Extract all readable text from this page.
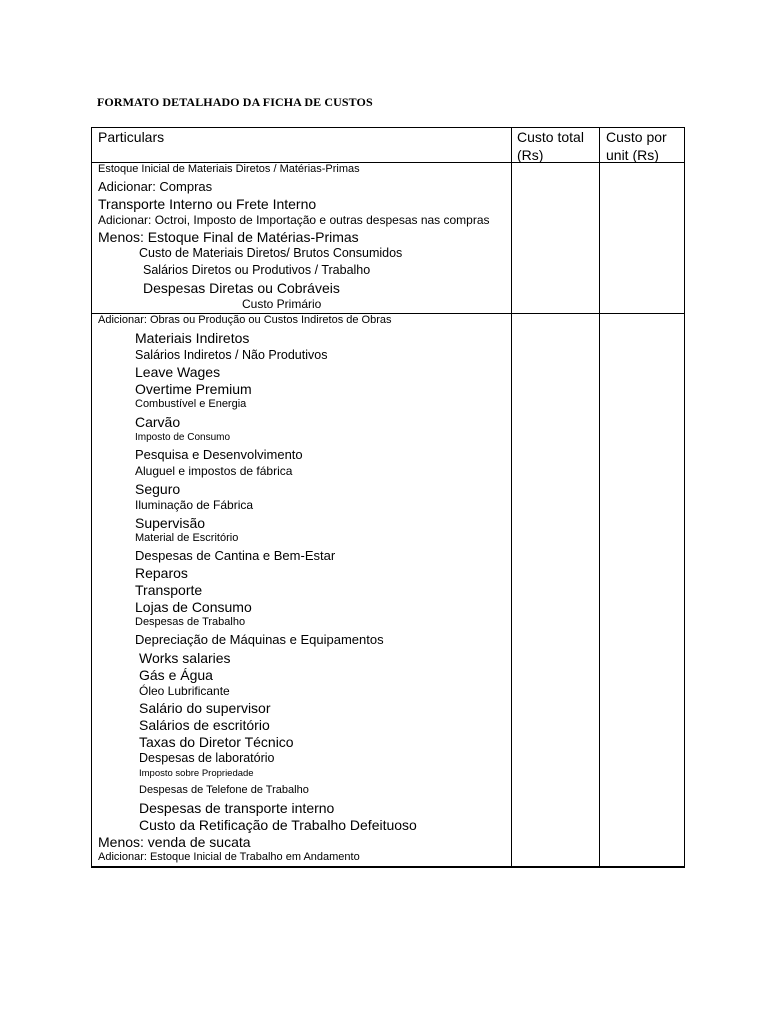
FORMATO DETALHADO DA FICHA DE CUSTOS
Particulars	Custo total
(Rs)
Custo por
unit (Rs)
Estoque Inicial de Materiais Diretos / Matérias-Primas
Adicionar: Compras
Transporte Interno ou Frete Interno
Adicionar: Octroi, Imposto de Importação e outras despesas nas compras
Menos: Estoque Final de Matérias-Primas
Custo de Materiais Diretos/ Brutos Consumidos
Salários Diretos ou Produtivos / Trabalho
Despesas Diretas ou Cobráveis
Custo Primário
Adicionar: Obras ou Produção ou Custos Indiretos de Obras
Materiais Indiretos
Salários Indiretos / Não Produtivos
Leave Wages
Overtime Premium
Combustível e Energia
Carvão
Imposto de Consumo
Pesquisa e Desenvolvimento
Aluguel e impostos de fábrica
Seguro
Iluminação de Fábrica
Supervisão
Material de Escritório
Despesas de Cantina e Bem-Estar
Reparos
Transporte
Lojas de Consumo
Despesas de Trabalho
Depreciação de Máquinas e Equipamentos
Works salaries
Gás e Água
Óleo Lubrificante
Salário do supervisor
Salários de escritório
Taxas do Diretor Técnico
Despesas de laboratório
Imposto sobre Propriedade
Despesas de Telefone de Trabalho
Despesas de transporte interno
Custo da Retificação de Trabalho Defeituoso
Menos: venda de sucata
Adicionar: Estoque Inicial de Trabalho em Andamento
